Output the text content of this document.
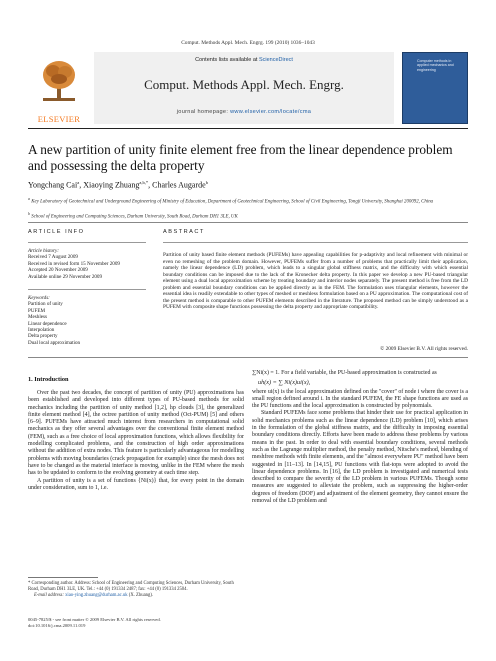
Comput. Methods Appl. Mech. Engrg. 199 (2010) 1036–1043
ELSEVIER
Contents lists available at ScienceDirect
Comput. Methods Appl. Mech. Engrg.
journal homepage: www.elsevier.com/locate/cma
Computer methods in applied mechanics and engineering
A new partition of unity finite element free from the linear dependence problem and possessing the delta property
Yongchang Cai$^a$, Xiaoying Zhuang$^{a,b,*}$, Charles Augarde$^b$
$^a$ Key Laboratory of Geotechnical and Underground Engineering of Ministry of Education, Department of Geotechnical Engineering, School of Civil Engineering, Tongji University, Shanghai 200092, China
$^b$ School of Engineering and Computing Sciences, Durham University, South Road, Durham DH1 3LE, UK
ARTICLE INFO
Article history:
Received 7 August 2009
Received in revised form 15 November 2009
Accepted 20 November 2009
Available online 29 November 2009
Keywords:
Partition of unity
PUFEM
Meshless
Linear dependence
Interpolation
Delta property
Dual local approximation
ABSTRACT
Partition of unity based finite element methods (PUFEMs) have appealing capabilities for p-adaptivity and local refinement with minimal or even no remeshing of the problem domain. However, PUFEMs suffer from a number of problems that practically limit their application, namely the linear dependence (LD) problem, which leads to a singular global stiffness matrix, and the difficulty with which essential boundary conditions can be imposed due to the lack of the Kronecker delta property. In this paper we develop a new PU-based triangular element using a dual local approximation scheme by treating boundary and interior nodes separately. The present method is free from the LD problem and essential boundary conditions can be applied directly as in the FEM. The formulation uses triangular elements, however the essential idea is readily extendable to other types of meshed or meshless formulation based on a PU approximation. The computational cost of the present method is comparable to other PUFEM elements described in the literature. The proposed method can be simply understood as a PUFEM with composite shape functions possessing the delta property and appropriate compatibility.
© 2009 Elsevier B.V. All rights reserved.
1. Introduction

Over the past two decades, the concept of partition of unity (PU) approximations has been established and developed into different types of PU-based methods for solid mechanics including the partition of unity method [1,2], hp clouds [3], the generalized finite element method [4], the octree partition of unity method (Oct-PUM) [5] and others [6–9]. PUFEMs have attracted much interest from researchers in computational solid mechanics as they offer several advantages over the conventional finite element method (FEM), such as a free choice of local approximation functions, which allows flexibility for modelling complicated problems, and the construction of high order approximations without the addition of extra nodes. This feature is particularly advantageous for modelling problems with moving boundaries (crack propagation for example) since the mesh does not have to be changed as the material interface is moving, unlike in the FEM where the mesh has to be updated to conform to the evolving geometry at each time step.

A partition of unity is a set of functions {Ni(x)} that, for every point in the domain under consideration, sum to 1, i.e.

∑Ni(x) = 1. For a field variable, the PU-based approximation is constructed as

uh(x) = ∑ Ni(x)ui(x),

where ui(x) is the local approximation defined on the "cover" of node i where the cover is a small region defined around i. In the standard PUFEM, the FE shape functions are used as the PU functions and the local approximation is constructed by polynomials.

Standard PUFEMs face some problems that hinder their use for practical application in solid mechanics problems such as the linear dependence (LD) problem [10], which arises in the formulation of the global stiffness matrix, and the difficulty in imposing essential boundary conditions directly. Efforts have been made to address these problems by various means in the past. In order to deal with essential boundary conditions, several methods such as the Lagrange multiplier method, the penalty method, Nitsche's method, blending of meshfree methods with finite elements, and the "almost everywhere PU" method have been suggested in [11–13]. In [14,15], PU functions with flat-tops were adopted to avoid the linear dependence problems. In [16], the LD problem is investigated and numerical tests described to compare the severity of the LD problem in various PUFEMs. Though some measures are suggested to alleviate the problem, such as suppressing the higher-order degrees of freedom (DOF) and adjustment of the element geometry, they cannot ensure the removal of the LD problem and

* Corresponding author. Address: School of Engineering and Computing Sciences, Durham University, South Road, Durham DH1 3LE, UK. Tel.: +44 (0) 191334 2487; fax: +44 (0) 191334 2504.
E-mail address: xiao-ying.zhuang@durham.ac.uk (X. Zhuang).
0045-7825/$ - see front matter © 2009 Elsevier B.V. All rights reserved.
doi:10.1016/j.cma.2009.11.019
